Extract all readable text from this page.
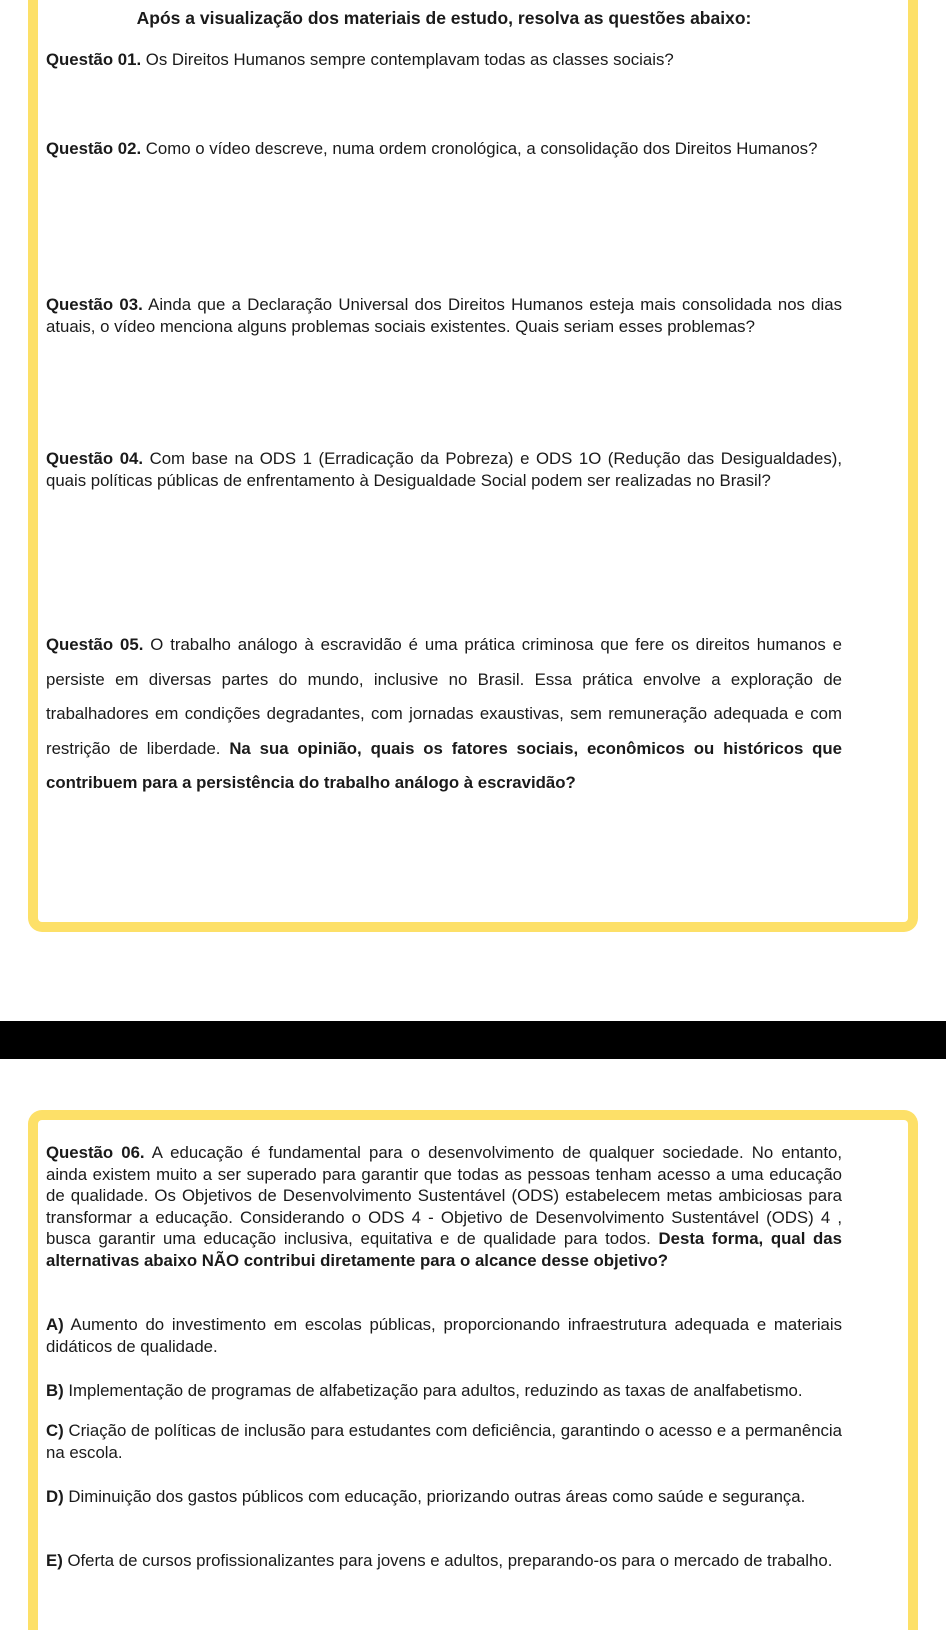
Após a visualização dos materiais de estudo, resolva as questões abaixo:
Questão 01. Os Direitos Humanos sempre contemplavam todas as classes sociais?
Questão 02. Como o vídeo descreve, numa ordem cronológica, a consolidação dos Direitos Humanos?
Questão 03. Ainda que a Declaração Universal dos Direitos Humanos esteja mais consolidada nos dias atuais, o vídeo menciona alguns problemas sociais existentes. Quais seriam esses problemas?
Questão 04. Com base na ODS 1 (Erradicação da Pobreza) e ODS 1O (Redução das Desigualdades), quais políticas públicas de enfrentamento à Desigualdade Social podem ser realizadas no Brasil?
Questão 05. O trabalho análogo à escravidão é uma prática criminosa que fere os direitos humanos e persiste em diversas partes do mundo, inclusive no Brasil. Essa prática envolve a exploração de trabalhadores em condições degradantes, com jornadas exaustivas, sem remuneração adequada e com restrição de liberdade. Na sua opinião, quais os fatores sociais, econômicos ou históricos que contribuem para a persistência do trabalho análogo à escravidão?
Questão 06. A educação é fundamental para o desenvolvimento de qualquer sociedade. No entanto, ainda existem muito a ser superado para garantir que todas as pessoas tenham acesso a uma educação de qualidade. Os Objetivos de Desenvolvimento Sustentável (ODS) estabelecem metas ambiciosas para transformar a educação. Considerando o ODS 4 - Objetivo de Desenvolvimento Sustentável (ODS) 4 , busca garantir uma educação inclusiva, equitativa e de qualidade para todos. Desta forma, qual das alternativas abaixo NÃO contribui diretamente para o alcance desse objetivo?
A) Aumento do investimento em escolas públicas, proporcionando infraestrutura adequada e materiais didáticos de qualidade.
B) Implementação de programas de alfabetização para adultos, reduzindo as taxas de analfabetismo.
C) Criação de políticas de inclusão para estudantes com deficiência, garantindo o acesso e a permanência na escola.
D) Diminuição dos gastos públicos com educação, priorizando outras áreas como saúde e segurança.
E) Oferta de cursos profissionalizantes para jovens e adultos, preparando-os para o mercado de trabalho.
